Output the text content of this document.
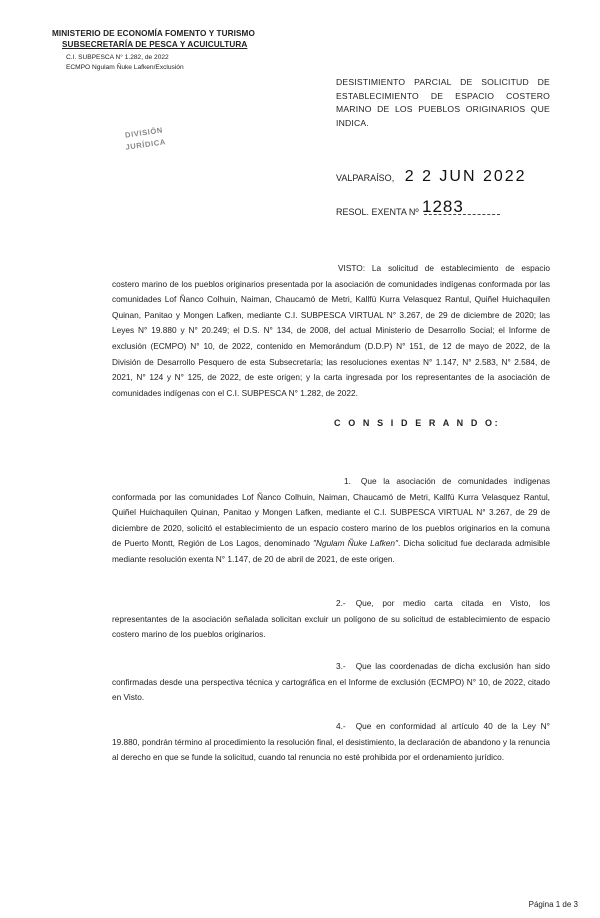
MINISTERIO DE ECONOMÍA FOMENTO Y TURISMO
SUBSECRETARÍA DE PESCA Y ACUICULTURA
C.I. SUBPESCA N° 1.282, de 2022
ECMPO Ngulam Ñuke Lafken/Exclusión
DIVISIÓN
JURÍDICA
DESISTIMIENTO PARCIAL DE SOLICITUD DE ESTABLECIMIENTO DE ESPACIO COSTERO MARINO DE LOS PUEBLOS ORIGINARIOS QUE INDICA.
VALPARAÍSO, 2 2 JUN 2022
RESOL. EXENTA Nº 1283
VISTO: La solicitud de establecimiento de espacio costero marino de los pueblos originarios presentada por la asociación de comunidades indígenas conformada por las comunidades Lof Ñanco Colhuin, Naiman, Chaucamó de Metri, Kallfü Kurra Velasquez Rantul, Quiñel Huichaquilen Quinan, Panitao y Mongen Lafken, mediante C.I. SUBPESCA VIRTUAL N° 3.267, de 29 de diciembre de 2020; las Leyes N° 19.880 y N° 20.249; el D.S. N° 134, de 2008, del actual Ministerio de Desarrollo Social; el Informe de exclusión (ECMPO) N° 10, de 2022, contenido en Memorándum (D.D.P) N° 151, de 12 de mayo de 2022, de la División de Desarrollo Pesquero de esta Subsecretaría; las resoluciones exentas N° 1.147, N° 2.583, N° 2.584, de 2021, N° 124 y N° 125, de 2022, de este origen; y la carta ingresada por los representantes de la asociación de comunidades indígenas con el C.I. SUBPESCA N° 1.282, de 2022.
C O N S I D E R A N D O:
1. Que la asociación de comunidades indígenas conformada por las comunidades Lof Ñanco Colhuin, Naiman, Chaucamó de Metri, Kallfü Kurra Velasquez Rantul, Quiñel Huichaquilen Quinan, Panitao y Mongen Lafken, mediante el C.I. SUBPESCA VIRTUAL N° 3.267, de 29 de diciembre de 2020, solicitó el establecimiento de un espacio costero marino de los pueblos originarios en la comuna de Puerto Montt, Región de Los Lagos, denominado "Ngulam Ñuke Lafken". Dicha solicitud fue declarada admisible mediante resolución exenta N° 1.147, de 20 de abril de 2021, de este origen.
2.- Que, por medio carta citada en Visto, los representantes de la asociación señalada solicitan excluir un polígono de su solicitud de establecimiento de espacio costero marino de los pueblos originarios.
3.- Que las coordenadas de dicha exclusión han sido confirmadas desde una perspectiva técnica y cartográfica en el Informe de exclusión (ECMPO) N° 10, de 2022, citado en Visto.
4.- Que en conformidad al artículo 40 de la Ley N° 19.880, pondrán término al procedimiento la resolución final, el desistimiento, la declaración de abandono y la renuncia al derecho en que se funde la solicitud, cuando tal renuncia no esté prohibida por el ordenamiento jurídico.
Página 1 de 3
